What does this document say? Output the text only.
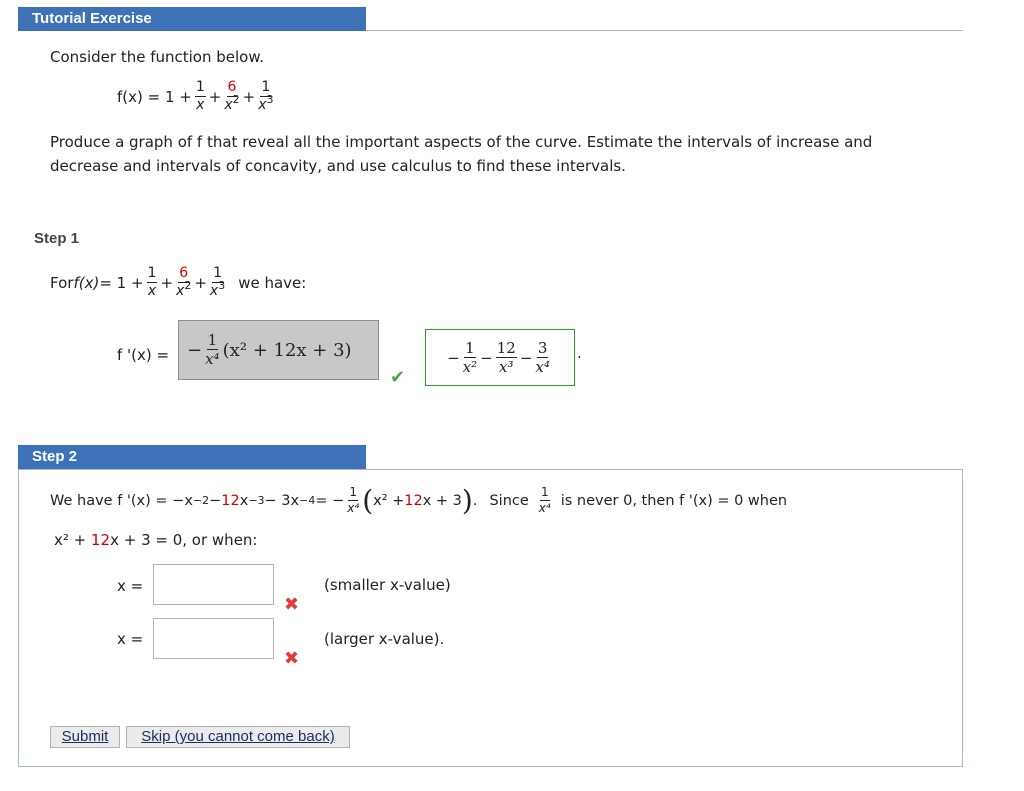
Tutorial Exercise
Consider the function below.
$f(x) = 1 + \frac{1}{x} + \frac{6}{x^2} + \frac{1}{x^3}$
Produce a graph of f that reveal all the important aspects of the curve. Estimate the intervals of increase and
decrease and intervals of concavity, and use calculus to find these intervals.
Step 1
For $f(x) = 1 + \frac{1}{x} + \frac{6}{x^2} + \frac{1}{x^3}$ we have:
f '(x) = − $\frac{1}{\text{x⁴}} (x^2 + 12x + 3)$
✔
− $\frac{1}{\text{x²}} - \frac{12}{\text{x³}} - \frac{3}{\text{x⁴}}$ .
Step 2
We have f '(x) = −x −2 − 12 x −3 − 3x −4 = − $\frac{1}{\text{x⁴}}$ ( x² + 12 x + 3 ) . Since $\frac{1}{\text{x⁴}}$ is never 0, then f '(x) = 0 when
x² + 12x + 3 = 0, or when:
x =	(smaller x-value)
✖
x =	(larger x-value).
✖
Submit	Skip (you cannot come back)
